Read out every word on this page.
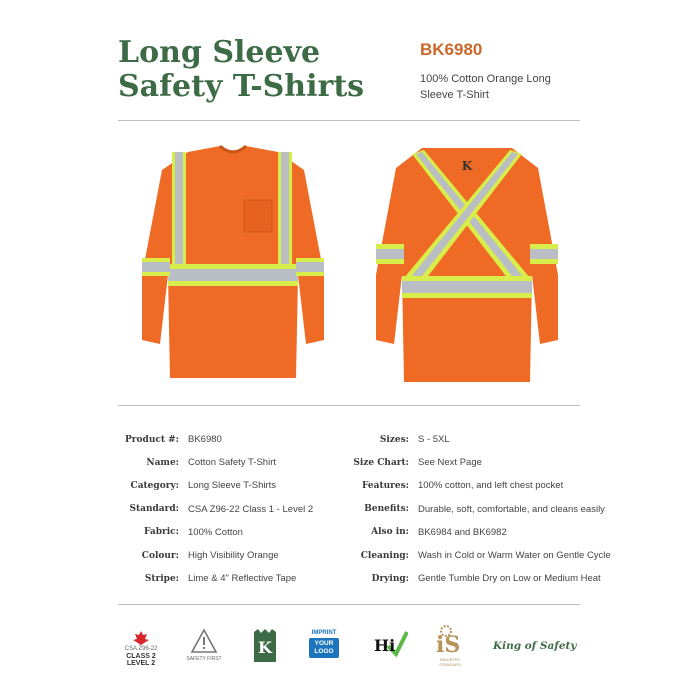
Long Sleeve
Safety T-Shirts
BK6980
100% Cotton Orange Long Sleeve T-Shirt
K
Product #: BK6980
Name: Cotton Safety T-Shirt
Category: Long Sleeve T-Shirts
Standard: CSA Z96-22 Class 1 - Level 2
Fabric: 100% Cotton
Colour: High Visibility Orange
Stripe: Lime & 4" Reflective Tape
Sizes: S - 5XL
Size Chart: See Next Page
Features: 100% cotton, and left chest pocket
Benefits: Durable, soft, comfortable, and cleans easily
Also in: BK6984 and BK6982
Cleaning: Wash in Cold or Warm Water on Gentle Cycle
Drying: Gentle Tumble Dry on Low or Medium Heat
CSA Z96-22
CLASS 2
LEVEL 2
SAFETY FIRST
K
IMPRINT
YOUR
LOGO	Hi iS
INDUSTRY STANDARD
King of Safety
